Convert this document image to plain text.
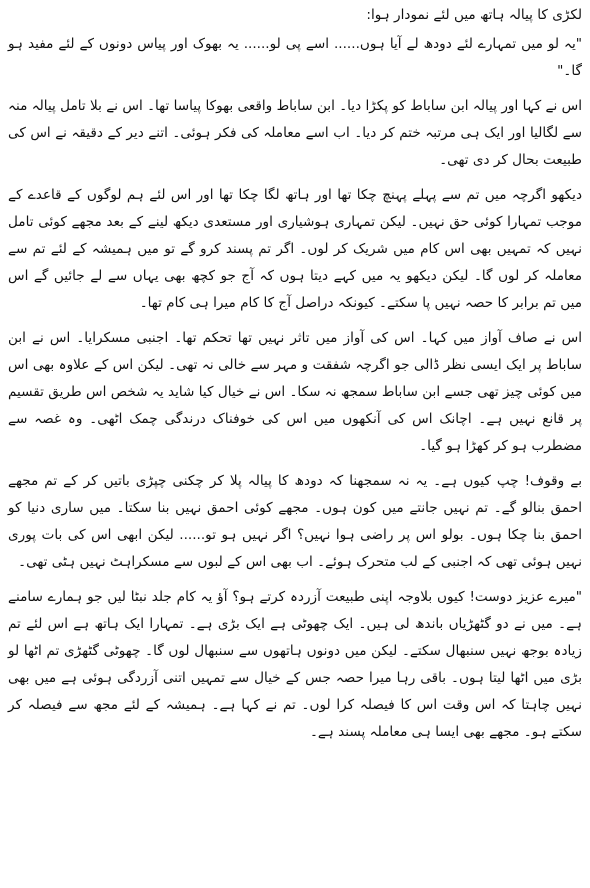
لکڑی کا پیالہ ہاتھ میں لئے نمودار ہوا:

"یہ لو میں تمہارے لئے دودھ لے آیا ہوں...... اسے پی لو...... یہ بھوک اور پیاس دونوں کے لئے مفید ہو گا۔"

اس نے کہا اور پیالہ ابن ساباط کو پکڑا دیا۔ ابن ساباط واقعی بھوکا پیاسا تھا۔ اس نے بلا تامل پیالہ منہ سے لگالیا اور ایک ہی مرتبہ ختم کر دیا۔ اب اسے معاملہ کی فکر ہوئی۔ اتنے دیر کے دقیقہ نے اس کی طبیعت بحال کر دی تھی۔

دیکھو اگرچہ میں تم سے پہلے پہنچ چکا تھا اور ہاتھ لگا چکا تھا اور اس لئے ہم لوگوں کے قاعدے کے موجب تمہارا کوئی حق نہیں۔ لیکن تمہاری ہوشیاری اور مستعدی دیکھ لینے کے بعد مجھے کوئی تامل نہیں کہ تمہیں بھی اس کام میں شریک کر لوں۔ اگر تم پسند کرو گے تو میں ہمیشہ کے لئے تم سے معاملہ کر لوں گا۔ لیکن دیکھو یہ میں کہے دیتا ہوں کہ آج جو کچھ بھی یہاں سے لے جائیں گے اس میں تم برابر کا حصہ نہیں پا سکتے۔ کیونکہ دراصل آج کا کام میرا ہی کام تھا۔

اس نے صاف آواز میں کہا۔ اس کی آواز میں تاثر نہیں تھا تحکم تھا۔ اجنبی مسکرایا۔ اس نے ابن ساباط پر ایک ایسی نظر ڈالی جو اگرچہ شفقت و مہر سے خالی نہ تھی۔ لیکن اس کے علاوہ بھی اس میں کوئی چیز تھی جسے ابن ساباط سمجھ نہ سکا۔ اس نے خیال کیا شاید یہ شخص اس طریق تقسیم پر قانع نہیں ہے۔ اچانک اس کی آنکھوں میں اس کی خوفناک درندگی چمک اٹھی۔ وہ غصہ سے مضطرب ہو کر کھڑا ہو گیا۔

بے وقوف! چپ کیوں ہے۔ یہ نہ سمجھنا کہ دودھ کا پیالہ پلا کر چکنی چپڑی باتیں کر کے تم مجھے احمق بنالو گے۔ تم نہیں جانتے میں کون ہوں۔ مجھے کوئی احمق نہیں بنا سکتا۔ میں ساری دنیا کو احمق بنا چکا ہوں۔ بولو اس پر راضی ہوا نہیں؟ اگر نہیں ہو تو...... لیکن ابھی اس کی بات پوری نہیں ہوئی تھی کہ اجنبی کے لب متحرک ہوئے۔ اب بھی اس کے لبوں سے مسکراہٹ نہیں ہٹی تھی۔

"میرے عزیز دوست! کیوں بلاوجہ اپنی طبیعت آزردہ کرتے ہو؟ آؤ یہ کام جلد نبٹا لیں جو ہمارے سامنے ہے۔ میں نے دو گٹھڑیاں باندھ لی ہیں۔ ایک چھوٹی ہے ایک بڑی ہے۔ تمہارا ایک ہاتھ ہے اس لئے تم زیادہ بوجھ نہیں سنبھال سکتے۔ لیکن میں دونوں ہاتھوں سے سنبھال لوں گا۔ چھوٹی گٹھڑی تم اٹھا لو بڑی میں اٹھا لیتا ہوں۔ باقی رہا میرا حصہ جس کے خیال سے تمہیں اتنی آزردگی ہوئی ہے میں بھی نہیں چاہتا کہ اس وقت اس کا فیصلہ کرا لوں۔ تم نے کہا ہے۔ ہمیشہ کے لئے مجھ سے فیصلہ کر سکتے ہو۔ مجھے بھی ایسا ہی معاملہ پسند ہے۔
